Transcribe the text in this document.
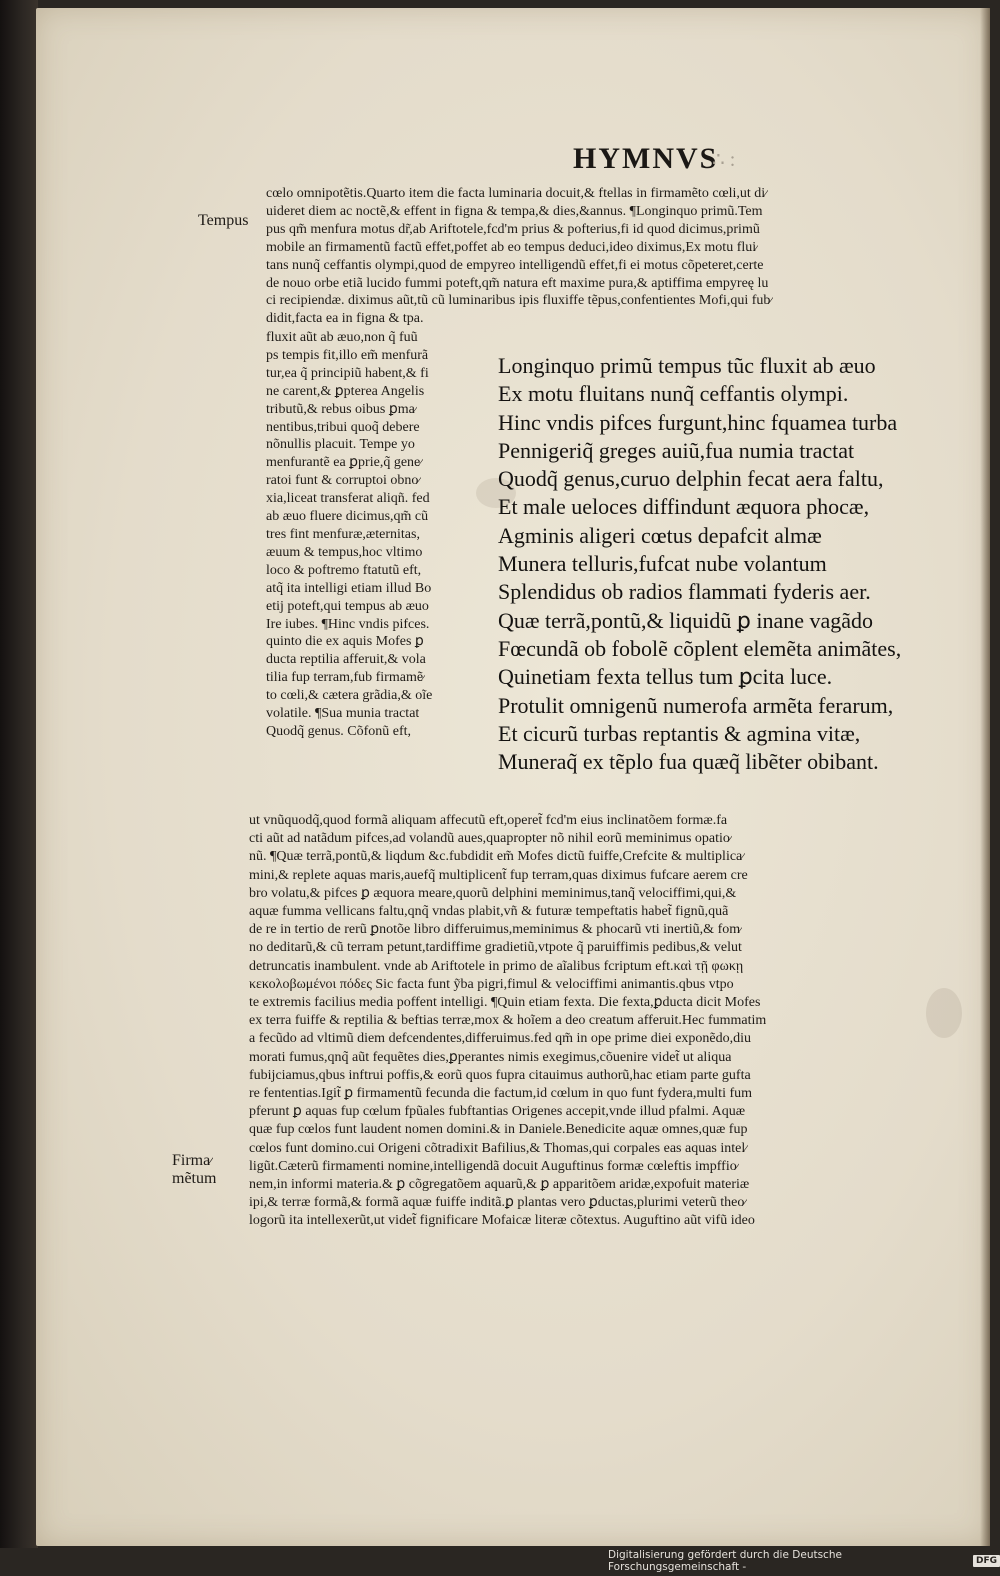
HYMNVS
∴ :

Tempus

Firma⁄
mẽtum

cœlo omnipotẽtis.Quarto item die facta luminaria docuit,& ftellas in firmamẽto cœli,ut di⁄
uideret diem ac noctẽ,& effent in figna & tempa,& dies,&annus. ¶Longinquo primũ.Tem
pus qm̃ menfura motus dr̃,ab Ariftotele,fcd'm prius & pofterius,fi id quod dicimus,primũ
mobile an firmamentũ factũ effet,poffet ab eo tempus deduci,ideo diximus,Ex motu flui⁄
tans nunq̃ ceffantis olympi,quod de empyreo intelligendũ effet,fi ei motus cõpeteret,certe
de nouo orbe etiã lucido fummi poteft,qm̃ natura eft maxime pura,& aptiffima empyreę lu
ci recipiendæ. diximus aũt,tũ cũ luminaribus ipis fluxiffe tẽpus,confentientes Mofi,qui fub⁄
didit,facta ea in figna & tpa.

fluxit aũt ab æuo,non q̃ fuũ
ps tempis fit,illo em̃ menfurã
tur,ea q̃ principiũ habent,& fi
ne carent,& ꝑpterea Angelis
tributũ,& rebus oibus ꝑma⁄
nentibus,tribui quoq̃ debere
nõnullis placuit. Tempe yo
menfurantẽ ea ꝑprie,q̃ gene⁄
ratoi funt & corruptoi obno⁄
xia,liceat transferat aliqñ. fed
ab æuo fluere dicimus,qm̃ cũ
tres fint menfuræ,æternitas,
æuum & tempus,hoc vltimo
loco & poftremo ftatutũ eft,
atq̃ ita intelligi etiam illud Bo
etij poteft,qui tempus ab æuo
Ire iubes. ¶Hinc vndis pifces.
quinto die ex aquis Mofes ꝑ
ducta reptilia afferuit,& vola
tilia fup terram,fub firmamẽ⁄
to cœli,& cætera grãdia,& oĩe
volatile. ¶Sua munia tractat
Quodq̃ genus. Cõfonũ eft,

Longinquo primũ tempus tũc fluxit ab æuo
Ex motu fluitans nunq̃ ceffantis olympi.
Hinc vndis pifces furgunt,hinc fquamea turba
Pennigeriq̃ greges auiũ,fua numia tractat
Quodq̃ genus,curuo delphin fecat aera faltu,
Et male ueloces diffindunt æquora phocæ,
Agminis aligeri cœtus depafcit almæ
Munera telluris,fufcat nube volantum
Splendidus ob radios flammati fyderis aer.
Quæ terrã,pontũ,& liquidũ ꝑ inane vagãdo
Fœcundã ob fobolẽ cõplent elemẽta animãtes,
Quinetiam fexta tellus tum ꝑcita luce.
Protulit omnigenũ numerofa armẽta ferarum,
Et cicurũ turbas reptantis & agmina vitæ,
Muneraq̃ ex tẽplo fua quæq̃ libẽter obibant.

ut vnũquodq̃,quod formã aliquam affecutũ eft,operet̃ fcd'm eius inclinatõem formæ.fa
cti aũt ad natãdum pifces,ad volandũ aues,quapropter nõ nihil eorũ meminimus opatio⁄
nũ. ¶Quæ terrã,pontũ,& liqdum &c.fubdidit em̃ Mofes dictũ fuiffe,Crefcite & multiplica⁄
mini,& replete aquas maris,auefq̃ multiplicent̃ fup terram,quas diximus fufcare aerem cre
bro volatu,& pifces ꝑ æquora meare,quorũ delphini meminimus,tanq̃ velociffimi,qui,&
aquæ fumma vellicans faltu,qnq̃ vndas plabit,vñ & futuræ tempeftatis habet̃ fignũ,quã
de re in tertio de rerũ ꝑnotõe libro differuimus,meminimus & phocarũ vti inertiũ,& fom⁄
no deditarũ,& cũ terram petunt,tardiffime gradietiũ,vtpote q̃ paruiffimis pedibus,& velut
detruncatis inambulent. vnde ab Ariftotele in primo de aĩalibus fcriptum eft.καὶ τῇ φωκῃ
κεκολοβωμένοι πόδες Sic facta funt ỹba pigri,fimul & velociffimi animantis.qbus vtpo
te extremis facilius media poffent intelligi. ¶Quin etiam fexta. Die fexta,ꝑducta dicit Mofes
ex terra fuiffe & reptilia & beftias terræ,mox & hoĩem a deo creatum afferuit.Hec fummatim
a fecũdo ad vltimũ diem defcendentes,differuimus.fed qm̃ in ope prime diei exponẽdo,diu
morati fumus,qnq̃ aũt fequẽtes dies,ꝑperantes nimis exegimus,cõuenire videt̃ ut aliqua
fubijciamus,qbus inftrui poffis,& eorũ quos fupra citauimus authorũ,hac etiam parte gufta
re fententias.Igit̃ ꝑ firmamentũ fecunda die factum,id cœlum in quo funt fydera,multi fum
pferunt ꝑ aquas fup cœlum fpũales fubftantias Origenes accepit,vnde illud pfalmi. Aquæ
quæ fup cœlos funt laudent nomen domini.& in Daniele.Benedicite aquæ omnes,quæ fup
cœlos funt domino.cui Origeni cõtradixit Bafilius,& Thomas,qui corpales eas aquas intel⁄
ligũt.Cæterũ firmamenti nomine,intelligendã docuit Auguftinus formæ cœleftis impffio⁄
nem,in informi materia.& ꝑ cõgregatõem aquarũ,& ꝑ apparitõem aridæ,expofuit materiæ
ipi,& terræ formã,& formã aquæ fuiffe inditã.ꝑ plantas vero ꝑductas,plurimi veterũ theo⁄
logorũ ita intellexerũt,ut videt̃ fignificare Mofaicæ literæ cõtextus. Auguftino aũt vifũ ideo

Digitalisierung gefördert durch die Deutsche Forschungsgemeinschaft -	DFG
